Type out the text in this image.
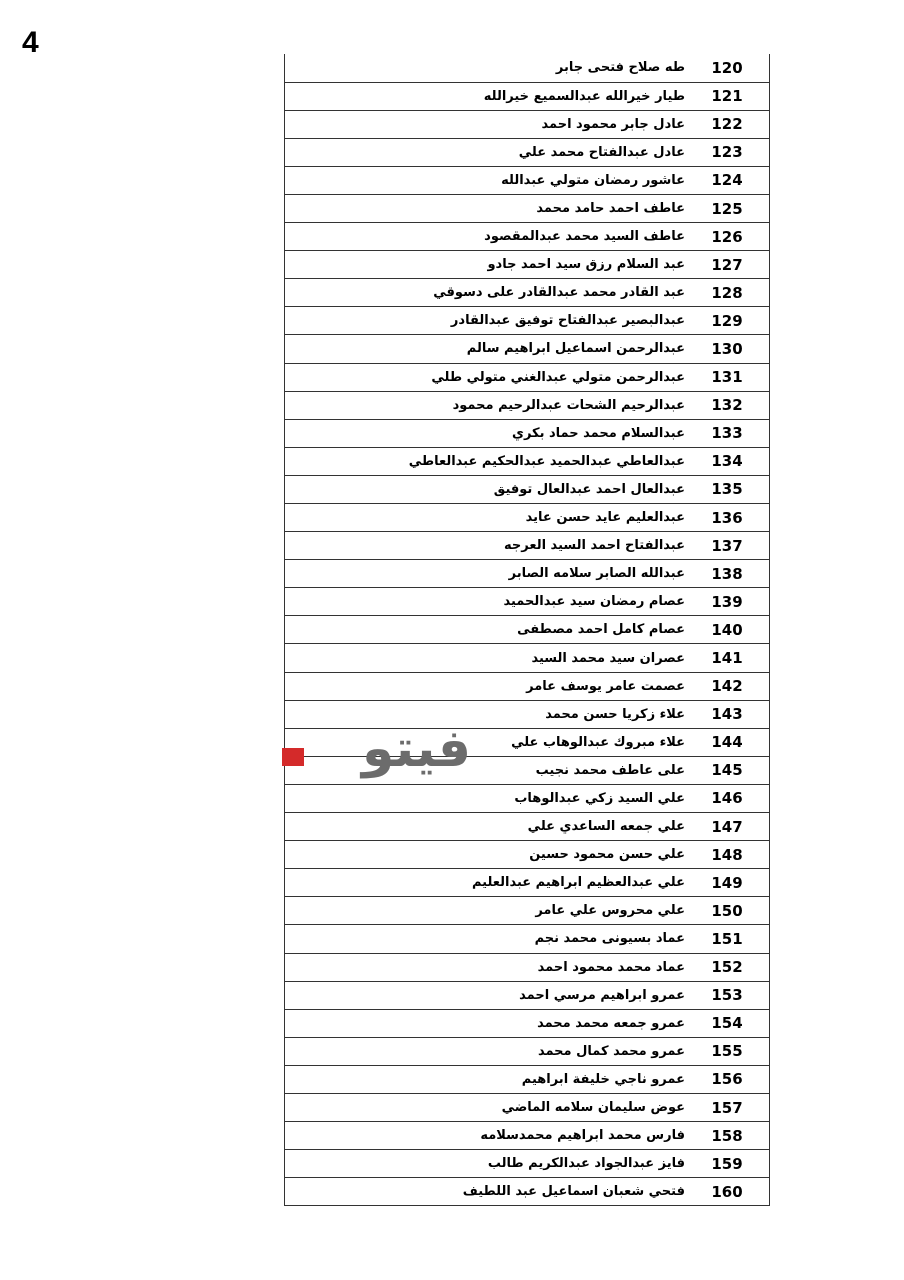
4
طه صلاح فتحى جابر	120
طيار خيرالله عبدالسميع خيرالله	121
عادل جابر محمود احمد	122
عادل عبدالفتاح محمد علي	123
عاشور رمضان متولي عبدالله	124
عاطف احمد حامد محمد	125
عاطف السيد محمد عبدالمقصود	126
عبد السلام رزق سيد احمد جادو	127
عبد القادر محمد عبدالقادر على دسوقي	128
عبدالبصير عبدالفتاح توفيق عبدالقادر	129
عبدالرحمن اسماعيل ابراهيم سالم	130
عبدالرحمن متولي عبدالغني متولي طلي	131
عبدالرحيم الشحات عبدالرحيم محمود	132
عبدالسلام محمد حماد بكري	133
عبدالعاطي عبدالحميد عبدالحكيم عبدالعاطي	134
عبدالعال احمد عبدالعال توفيق	135
عبدالعليم عايد حسن عايد	136
عبدالفتاح احمد السيد العرجه	137
عبدالله الصابر سلامه الصابر	138
عصام رمضان سيد عبدالحميد	139
عصام كامل احمد مصطفى	140
عصران سيد محمد السيد	141
عصمت عامر يوسف عامر	142
علاء زكريا حسن محمد	143
علاء مبروك عبدالوهاب علي	144
على عاطف محمد نجيب	145
علي السيد زكي عبدالوهاب	146
علي جمعه الساعدي علي	147
علي حسن محمود حسين	148
علي عبدالعظيم ابراهيم عبدالعليم	149
علي محروس علي عامر	150
عماد بسيونى محمد نجم	151
عماد محمد محمود احمد	152
عمرو ابراهيم مرسي احمد	153
عمرو جمعه محمد محمد	154
عمرو محمد كمال محمد	155
عمرو ناجي خليفة ابراهيم	156
عوض سليمان سلامه الماضي	157
فارس محمد ابراهيم محمدسلامه	158
فايز عبدالجواد عبدالكريم طالب	159
فتحي شعبان اسماعيل عبد اللطيف	160
فيتو
